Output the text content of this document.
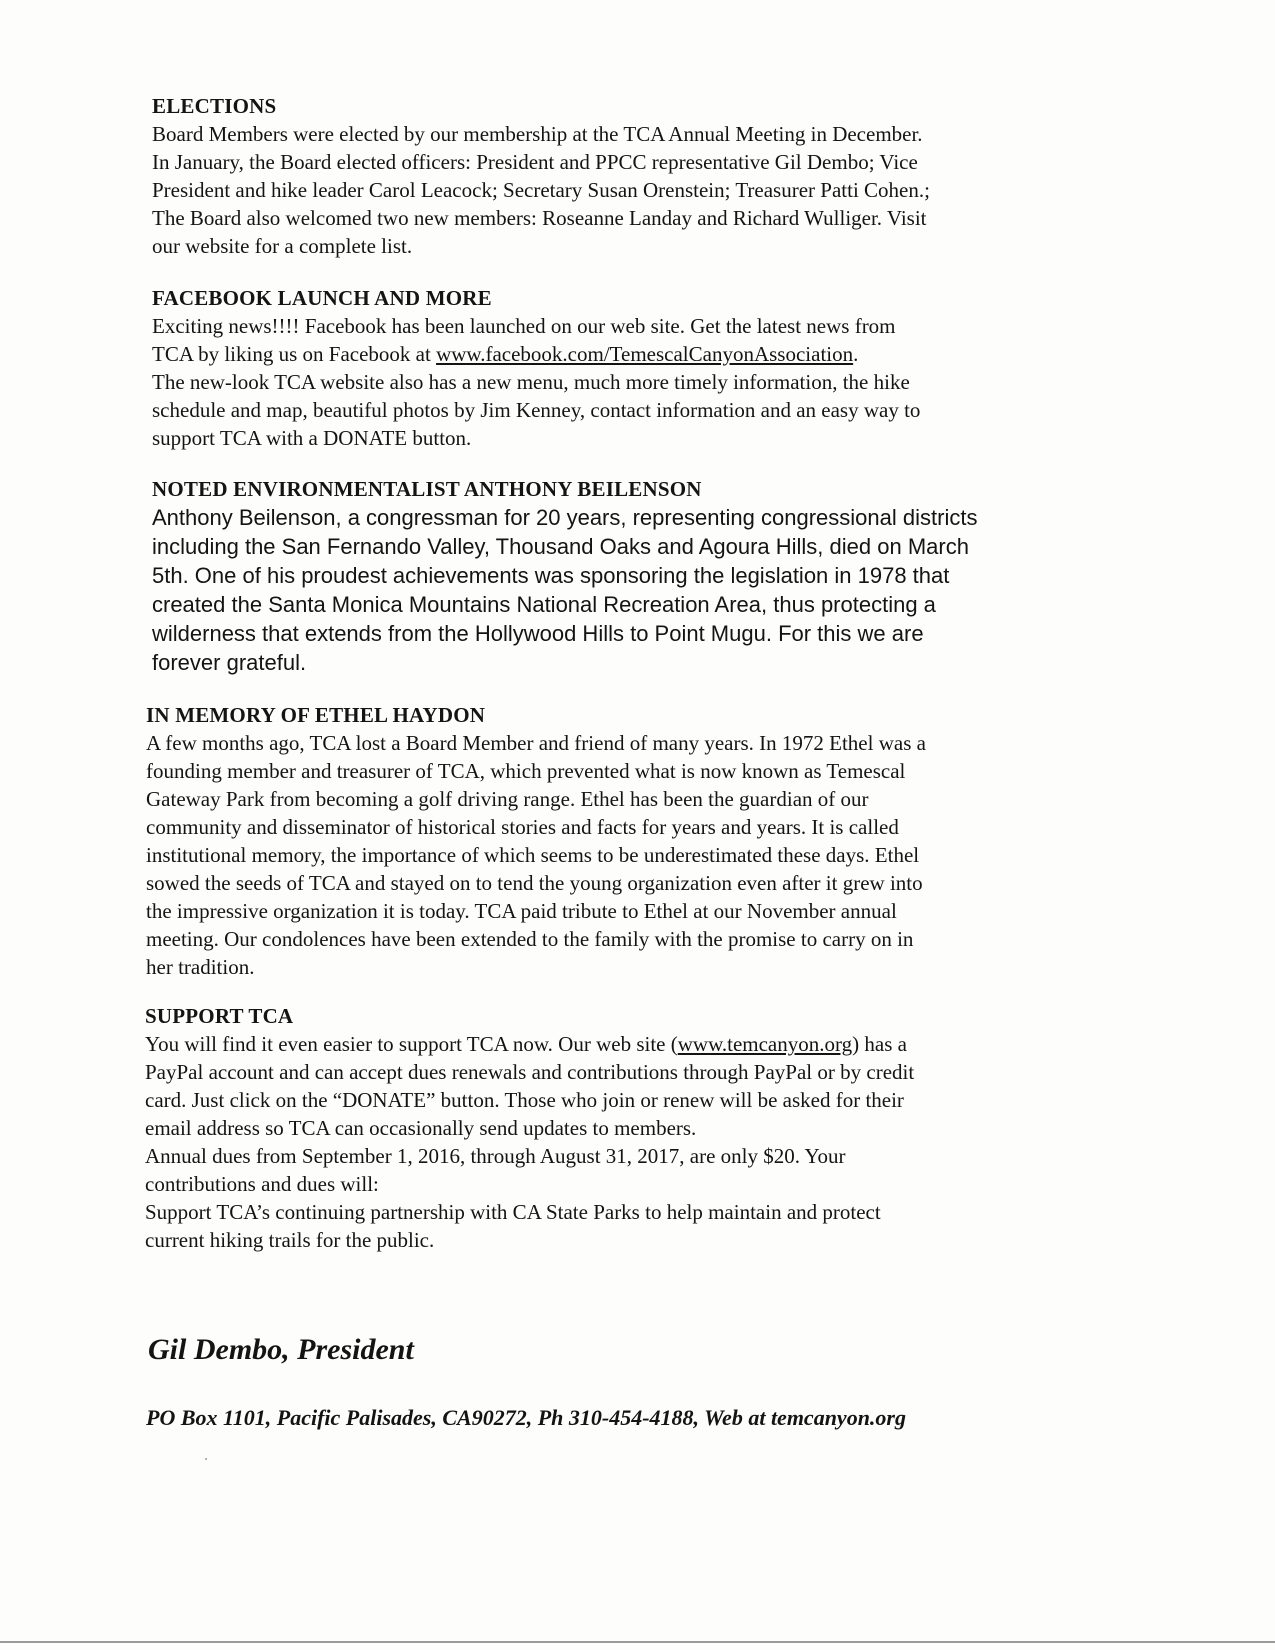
ELECTIONS

Board Members were elected by our membership at the TCA Annual Meeting in December.
In January, the Board elected officers: President and PPCC representative Gil Dembo; Vice
President and hike leader Carol Leacock; Secretary Susan Orenstein; Treasurer Patti Cohen.;
The Board also welcomed two new members: Roseanne Landay and Richard Wulliger. Visit
our website for a complete list.

FACEBOOK LAUNCH AND MORE

Exciting news!!!! Facebook has been launched on our web site. Get the latest news from
TCA by liking us on Facebook at www.facebook.com/TemescalCanyonAssociation.
The new-look TCA website also has a new menu, much more timely information, the hike
schedule and map, beautiful photos by Jim Kenney, contact information and an easy way to
support TCA with a DONATE button.

NOTED ENVIRONMENTALIST ANTHONY BEILENSON

Anthony Beilenson, a congressman for 20 years, representing congressional districts
including the San Fernando Valley, Thousand Oaks and Agoura Hills, died on March
5th. One of his proudest achievements was sponsoring the legislation in 1978 that
created the Santa Monica Mountains National Recreation Area, thus protecting a
wilderness that extends from the Hollywood Hills to Point Mugu. For this we are
forever grateful.

IN MEMORY OF ETHEL HAYDON

A few months ago, TCA lost a Board Member and friend of many years. In 1972 Ethel was a
founding member and treasurer of TCA, which prevented what is now known as Temescal
Gateway Park from becoming a golf driving range. Ethel has been the guardian of our
community and disseminator of historical stories and facts for years and years. It is called
institutional memory, the importance of which seems to be underestimated these days. Ethel
sowed the seeds of TCA and stayed on to tend the young organization even after it grew into
the impressive organization it is today. TCA paid tribute to Ethel at our November annual
meeting. Our condolences have been extended to the family with the promise to carry on in
her tradition.

SUPPORT TCA

You will find it even easier to support TCA now. Our web site (www.temcanyon.org) has a
PayPal account and can accept dues renewals and contributions through PayPal or by credit
card. Just click on the “DONATE” button. Those who join or renew will be asked for their
email address so TCA can occasionally send updates to members.
Annual dues from September 1, 2016, through August 31, 2017, are only $20. Your
contributions and dues will:
Support TCA’s continuing partnership with CA State Parks to help maintain and protect
current hiking trails for the public.

Gil Dembo, President
PO Box 1101, Pacific Palisades, CA90272, Ph 310-454-4188, Web at temcanyon.org
